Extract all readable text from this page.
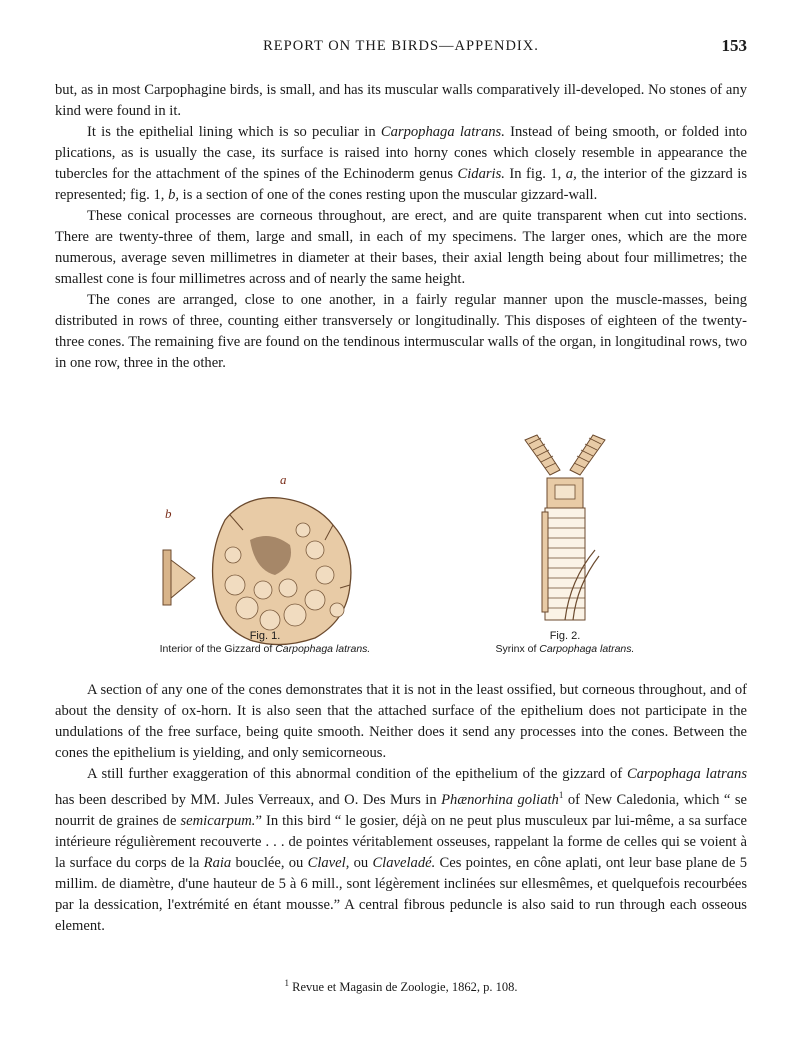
REPORT ON THE BIRDS—APPENDIX.	153

but, as in most Carpophagine birds, is small, and has its muscular walls comparatively ill-developed. No stones of any kind were found in it.

It is the epithelial lining which is so peculiar in Carpophaga latrans. Instead of being smooth, or folded into plications, as is usually the case, its surface is raised into horny cones which closely resemble in appearance the tubercles for the attachment of the spines of the Echinoderm genus Cidaris. In fig. 1, a, the interior of the gizzard is represented; fig. 1, b, is a section of one of the cones resting upon the muscular gizzard-wall.

These conical processes are corneous throughout, are erect, and are quite transparent when cut into sections. There are twenty-three of them, large and small, in each of my specimens. The larger ones, which are the more numerous, average seven millimetres in diameter at their bases, their axial length being about four millimetres; the smallest cone is four millimetres across and of nearly the same height.

The cones are arranged, close to one another, in a fairly regular manner upon the muscle-masses, being distributed in rows of three, counting either transversely or longitudinally. This disposes of eighteen of the twenty-three cones. The remaining five are found on the tendinous intermuscular walls of the organ, in longitudinal rows, two in one row, three in the other.

b
a
Fig. 1.
Interior of the Gizzard of Carpophaga latrans.
Fig. 2.
Syrinx of Carpophaga latrans.

A section of any one of the cones demonstrates that it is not in the least ossified, but corneous throughout, and of about the density of ox-horn. It is also seen that the attached surface of the epithelium does not participate in the undulations of the free surface, being quite smooth. Neither does it send any processes into the cones. Between the cones the epithelium is yielding, and only semicorneous.

A still further exaggeration of this abnormal condition of the epithelium of the gizzard of Carpophaga latrans has been described by MM. Jules Verreaux, and O. Des Murs in Phænorhina goliath$^1$ of New Caledonia, which “ se nourrit de graines de semicarpum.” In this bird “ le gosier, déjà on ne peut plus musculeux par lui-même, a sa surface intérieure régulièrement recouverte . . . de pointes véritablement osseuses, rappelant la forme de celles qui se voient à la surface du corps de la Raia bouclée, ou Clavel, ou Claveladé. Ces pointes, en cône aplati, ont leur base plane de 5 millim. de diamètre, d'une hauteur de 5 à 6 mill., sont légèrement inclinées sur ellesmêmes, et quelquefois recourbées par la dessication, l'extrémité en étant mousse.” A central fibrous peduncle is also said to run through each osseous element.

$^1$ Revue et Magasin de Zoologie, 1862, p. 108.
